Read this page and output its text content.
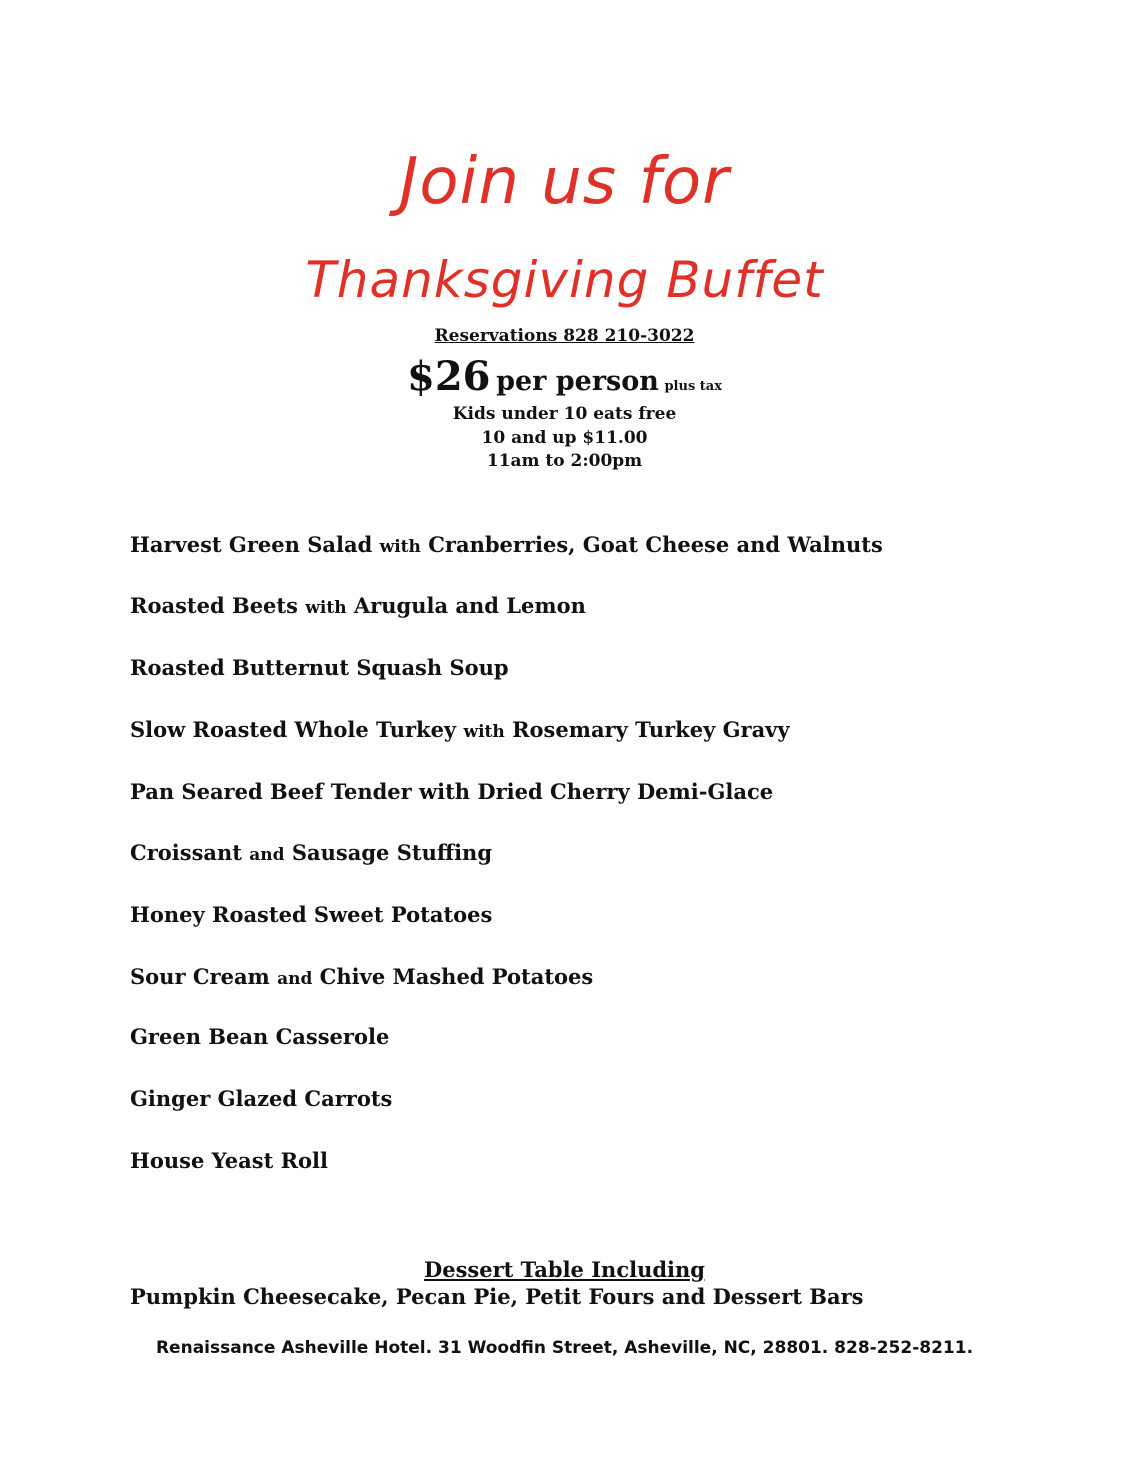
Join us for
Thanksgiving Buffet
Reservations 828 210-3022
$26 per person plus tax
Kids under 10 eats free
10 and up $11.00
11am to 2:00pm
Harvest Green Salad with Cranberries, Goat Cheese and Walnuts
Roasted Beets with Arugula and Lemon
Roasted Butternut Squash Soup
Slow Roasted Whole Turkey with Rosemary Turkey Gravy
Pan Seared Beef Tender with Dried Cherry Demi-Glace
Croissant and Sausage Stuffing
Honey Roasted Sweet Potatoes
Sour Cream and Chive Mashed Potatoes
Green Bean Casserole
Ginger Glazed Carrots
House Yeast Roll
Dessert Table Including
Pumpkin Cheesecake, Pecan Pie, Petit Fours and Dessert Bars
Renaissance Asheville Hotel. 31 Woodfin Street, Asheville, NC, 28801. 828-252-8211.
